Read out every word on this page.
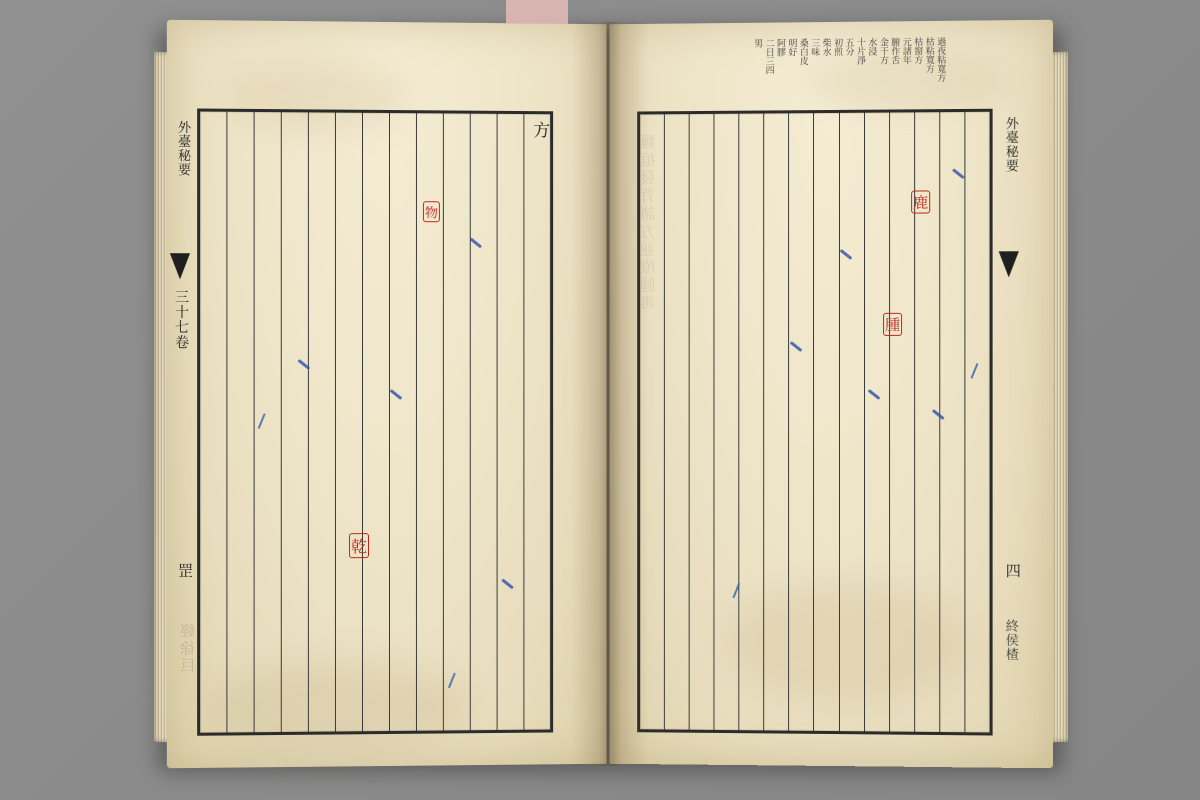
外臺秘要
三十七卷
罡
經徐巨
方

物
乾
外臺秘要
四
終侯楂
癰疽發背諸方並療腫毒

	鹿
腫
過夜粘寬方
枯粘寬方
枯窗方
元諸年
腑作舌
金干方
水浸
十片淨
五分
初煎
柴水
三味
桑白皮
明好
阿膠
二日三四
男
